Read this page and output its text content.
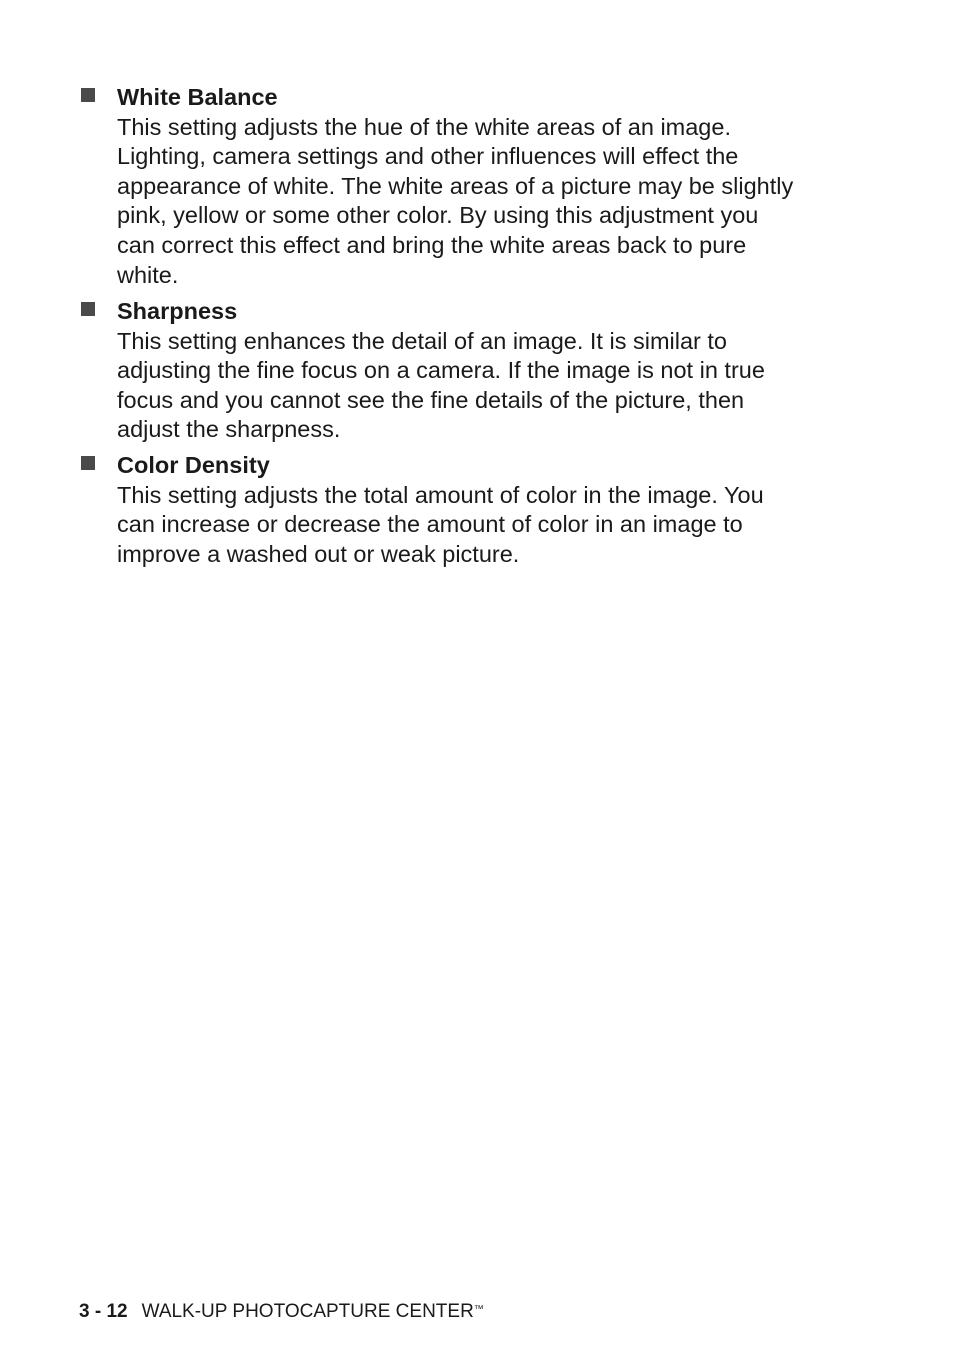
White Balance
This setting adjusts the hue of the white areas of an image.
Lighting, camera settings and other influences will effect the
appearance of white. The white areas of a picture may be slightly
pink, yellow or some other color. By using this adjustment you
can correct this effect and bring the white areas back to pure
white.
Sharpness
This setting enhances the detail of an image. It is similar to
adjusting the fine focus on a camera. If the image is not in true
focus and you cannot see the fine details of the picture, then
adjust the sharpness.
Color Density
This setting adjusts the total amount of color in the image. You
can increase or decrease the amount of color in an image to
improve a washed out or weak picture.
3 - 12 WALK-UP PHOTOCAPTURE CENTER™
